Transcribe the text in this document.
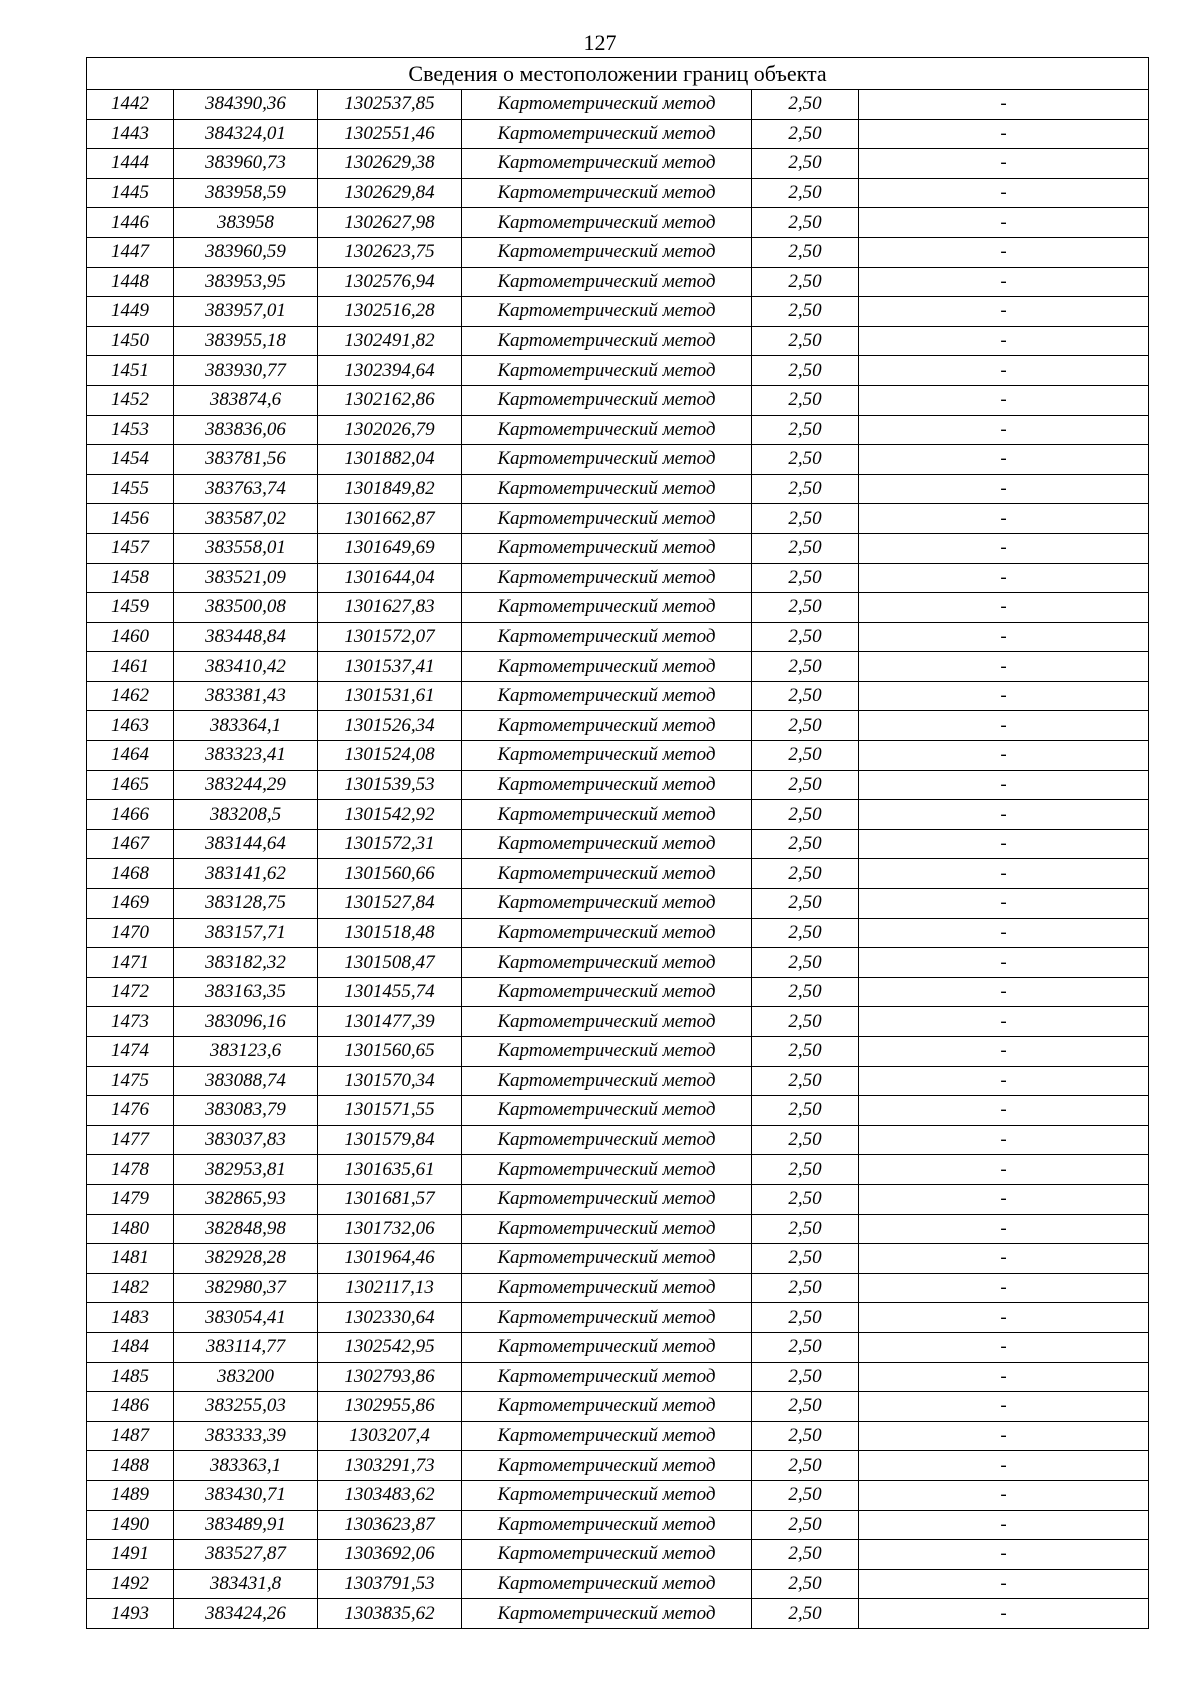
127
Сведения о местоположении границ объекта					
1442	384390,36	1302537,85	Картометрический метод	2,50	-
1443	384324,01	1302551,46	Картометрический метод	2,50	-
1444	383960,73	1302629,38	Картометрический метод	2,50	-
1445	383958,59	1302629,84	Картометрический метод	2,50	-
1446	383958	1302627,98	Картометрический метод	2,50	-
1447	383960,59	1302623,75	Картометрический метод	2,50	-
1448	383953,95	1302576,94	Картометрический метод	2,50	-
1449	383957,01	1302516,28	Картометрический метод	2,50	-
1450	383955,18	1302491,82	Картометрический метод	2,50	-
1451	383930,77	1302394,64	Картометрический метод	2,50	-
1452	383874,6	1302162,86	Картометрический метод	2,50	-
1453	383836,06	1302026,79	Картометрический метод	2,50	-
1454	383781,56	1301882,04	Картометрический метод	2,50	-
1455	383763,74	1301849,82	Картометрический метод	2,50	-
1456	383587,02	1301662,87	Картометрический метод	2,50	-
1457	383558,01	1301649,69	Картометрический метод	2,50	-
1458	383521,09	1301644,04	Картометрический метод	2,50	-
1459	383500,08	1301627,83	Картометрический метод	2,50	-
1460	383448,84	1301572,07	Картометрический метод	2,50	-
1461	383410,42	1301537,41	Картометрический метод	2,50	-
1462	383381,43	1301531,61	Картометрический метод	2,50	-
1463	383364,1	1301526,34	Картометрический метод	2,50	-
1464	383323,41	1301524,08	Картометрический метод	2,50	-
1465	383244,29	1301539,53	Картометрический метод	2,50	-
1466	383208,5	1301542,92	Картометрический метод	2,50	-
1467	383144,64	1301572,31	Картометрический метод	2,50	-
1468	383141,62	1301560,66	Картометрический метод	2,50	-
1469	383128,75	1301527,84	Картометрический метод	2,50	-
1470	383157,71	1301518,48	Картометрический метод	2,50	-
1471	383182,32	1301508,47	Картометрический метод	2,50	-
1472	383163,35	1301455,74	Картометрический метод	2,50	-
1473	383096,16	1301477,39	Картометрический метод	2,50	-
1474	383123,6	1301560,65	Картометрический метод	2,50	-
1475	383088,74	1301570,34	Картометрический метод	2,50	-
1476	383083,79	1301571,55	Картометрический метод	2,50	-
1477	383037,83	1301579,84	Картометрический метод	2,50	-
1478	382953,81	1301635,61	Картометрический метод	2,50	-
1479	382865,93	1301681,57	Картометрический метод	2,50	-
1480	382848,98	1301732,06	Картометрический метод	2,50	-
1481	382928,28	1301964,46	Картометрический метод	2,50	-
1482	382980,37	1302117,13	Картометрический метод	2,50	-
1483	383054,41	1302330,64	Картометрический метод	2,50	-
1484	383114,77	1302542,95	Картометрический метод	2,50	-
1485	383200	1302793,86	Картометрический метод	2,50	-
1486	383255,03	1302955,86	Картометрический метод	2,50	-
1487	383333,39	1303207,4	Картометрический метод	2,50	-
1488	383363,1	1303291,73	Картометрический метод	2,50	-
1489	383430,71	1303483,62	Картометрический метод	2,50	-
1490	383489,91	1303623,87	Картометрический метод	2,50	-
1491	383527,87	1303692,06	Картометрический метод	2,50	-
1492	383431,8	1303791,53	Картометрический метод	2,50	-
1493	383424,26	1303835,62	Картометрический метод	2,50	-
